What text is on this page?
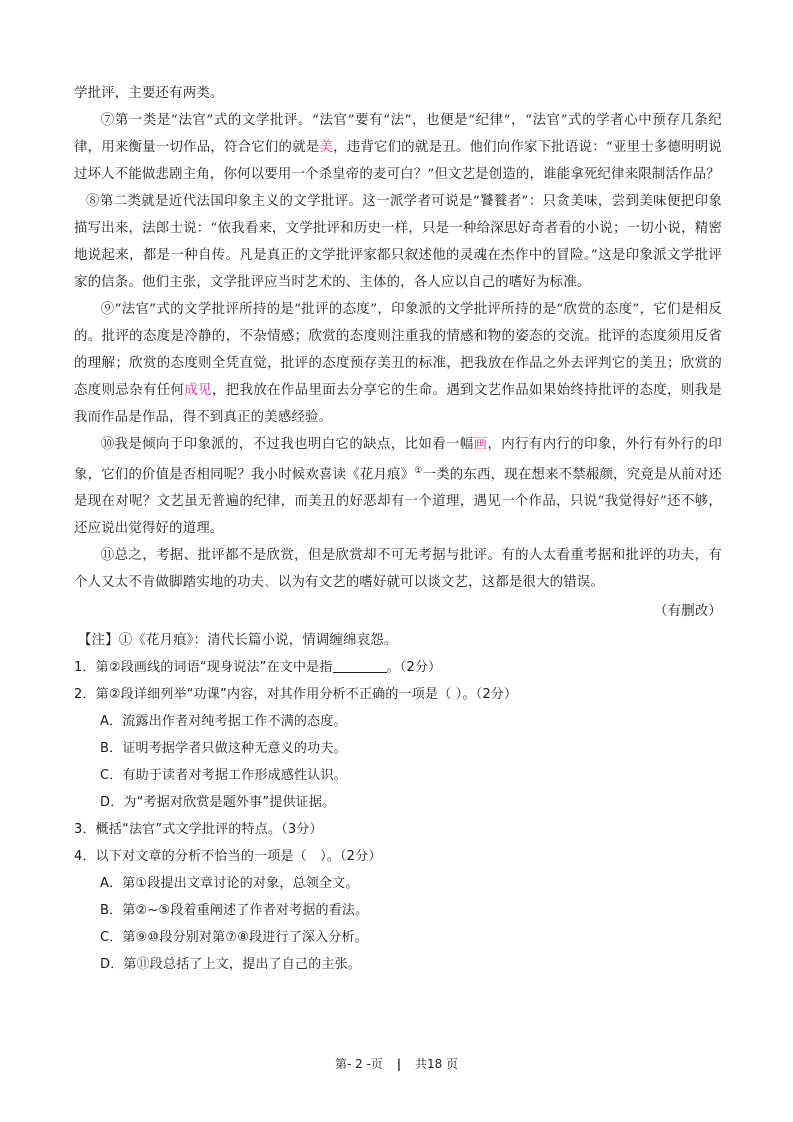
学批评，主要还有两类。

⑦第一类是“法官”式的文学批评。“法官”要有“法”，也便是“纪律”，“法官”式的学者心中预存几条纪律，用来衡量一切作品，符合它们的就是美，违背它们的就是丑。他们向作家下批语说：“亚里士多德明明说过坏人不能做悲剧主角，你何以要用一个杀皇帝的麦可白？”但文艺是创造的，谁能拿死纪律来限制活作品？

⑧第二类就是近代法国印象主义的文学批评。这一派学者可说是“饕餮者”：只贪美味，尝到美味便把印象描写出来，法郎士说：“依我看来，文学批评和历史一样，只是一种给深思好奇者看的小说；一切小说，精密地说起来，都是一种自传。凡是真正的文学批评家都只叙述他的灵魂在杰作中的冒险。”这是印象派文学批评家的信条。他们主张，文学批评应当时艺术的、主体的，各人应以自己的嗜好为标准。

⑨“法官”式的文学批评所持的是“批评的态度”，印象派的文学批评所持的是“欣赏的态度”，它们是相反的。批评的态度是冷静的，不杂情感；欣赏的态度则注重我的情感和物的姿态的交流。批评的态度须用反省的理解；欣赏的态度则全凭直觉，批评的态度预存美丑的标准，把我放在作品之外去评判它的美丑；欣赏的态度则忌杂有任何成见，把我放在作品里面去分享它的生命。遇到文艺作品如果始终持批评的态度，则我是我而作品是作品，得不到真正的美感经验。

⑩我是倾向于印象派的，不过我也明白它的缺点，比如看一幅画，内行有内行的印象，外行有外行的印象，它们的价值是否相同呢？我小时候欢喜读《花月痕》①一类的东西，现在想来不禁赧颜，究竟是从前对还是现在对呢？文艺虽无普遍的纪律，而美丑的好恶却有一个道理，遇见一个作品，只说“我觉得好”还不够，还应说出觉得好的道理。

⑪总之，考据、批评都不是欣赏，但是欣赏却不可无考据与批评。有的人太看重考据和批评的功夫，有个人又太不肯做脚踏实地的功夫、以为有文艺的嗜好就可以谈文艺，这都是很大的错误。

（有删改）

【注】①《花月痕》：清代长篇小说，情调缠绵哀怨。

1．第②段画线的词语“现身说法”在文中是指	。（2分）

2．第②段详细列举“功课”内容，对其作用分析不正确的一项是（ ）。（2分）

A．流露出作者对纯考据工作不满的态度。

B．证明考据学者只做这种无意义的功夫。

C．有助于读者对考据工作形成感性认识。

D．为“考据对欣赏是题外事”提供证据。

3．概括“法官”式文学批评的特点。（3分）

4．以下对文章的分析不恰当的一项是（　）。（2分）

A．第①段提出文章讨论的对象，总领全文。

B．第②~⑤段着重阐述了作者对考据的看法。

C．第⑨⑩段分别对第⑦⑧段进行了深入分析。

D．第⑪段总括了上文，提出了自己的主张。

第- 2 -页 | 共18 页
